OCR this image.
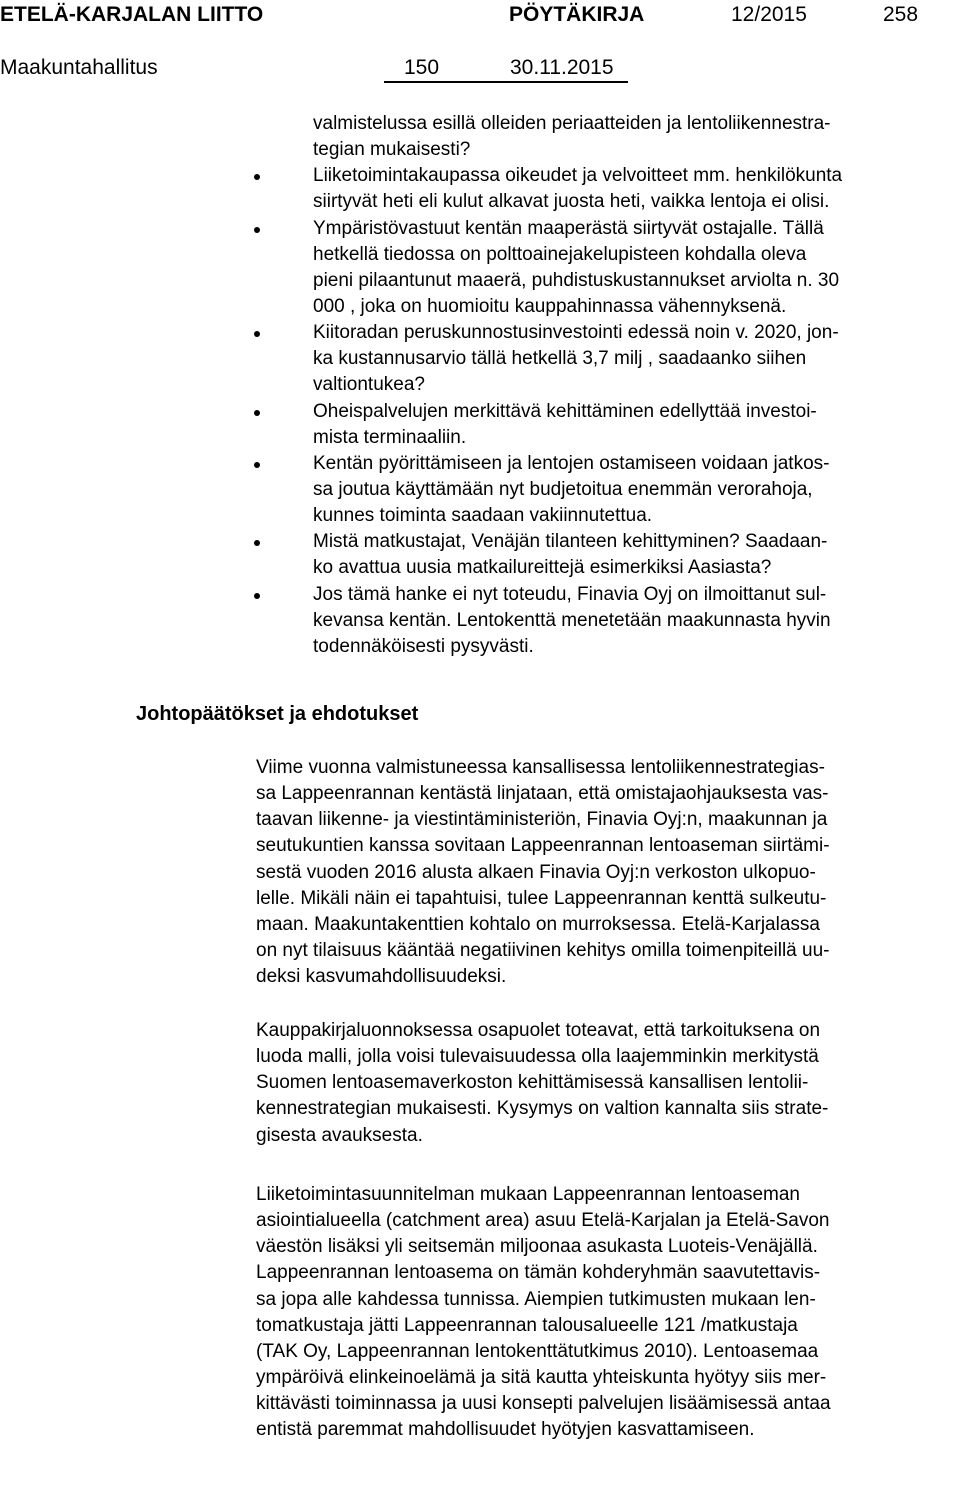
ETELÄ-KARJALAN LIITTO	PÖYTÄKIRJA	12/2015	258
Maakuntahallitus	150	30.11.2015
valmistelussa esillä olleiden periaatteiden ja lentoliikennestra-
tegian mukaisesti?
Liiketoimintakaupassa oikeudet ja velvoitteet mm. henkilökunta
siirtyvät heti eli kulut alkavat juosta heti, vaikka lentoja ei olisi.
Ympäristövastuut kentän maaperästä siirtyvät ostajalle. Tällä
hetkellä tiedossa on polttoainejakelupisteen kohdalla oleva
pieni pilaantunut maaerä, puhdistuskustannukset arviolta n. 30
000 , joka on huomioitu kauppahinnassa vähennyksenä.
Kiitoradan peruskunnostusinvestointi edessä noin v. 2020, jon-
ka kustannusarvio tällä hetkellä 3,7 milj , saadaanko siihen
valtiontukea?
Oheispalvelujen merkittävä kehittäminen edellyttää investoi-
mista terminaaliin.
Kentän pyörittämiseen ja lentojen ostamiseen voidaan jatkos-
sa joutua käyttämään nyt budjetoitua enemmän verorahoja,
kunnes toiminta saadaan vakiinnutettua.
Mistä matkustajat, Venäjän tilanteen kehittyminen? Saadaan-
ko avattua uusia matkailureittejä esimerkiksi Aasiasta?
Jos tämä hanke ei nyt toteudu, Finavia Oyj on ilmoittanut sul-
kevansa kentän. Lentokenttä menetetään maakunnasta hyvin
todennäköisesti pysyvästi.
Johtopäätökset ja ehdotukset
Viime vuonna valmistuneessa kansallisessa lentoliikennestrategias-
sa Lappeenrannan kentästä linjataan, että omistajaohjauksesta vas-
taavan liikenne- ja viestintäministeriön, Finavia Oyj:n, maakunnan ja
seutukuntien kanssa sovitaan Lappeenrannan lentoaseman siirtämi-
sestä vuoden 2016 alusta alkaen Finavia Oyj:n verkoston ulkopuo-
lelle. Mikäli näin ei tapahtuisi, tulee Lappeenrannan kenttä sulkeutu-
maan. Maakuntakenttien kohtalo on murroksessa. Etelä-Karjalassa
on nyt tilaisuus kääntää negatiivinen kehitys omilla toimenpiteillä uu-
deksi kasvumahdollisuudeksi.
Kauppakirjaluonnoksessa osapuolet toteavat, että tarkoituksena on
luoda malli, jolla voisi tulevaisuudessa olla laajemminkin merkitystä
Suomen lentoasemaverkoston kehittämisessä kansallisen lentolii-
kennestrategian mukaisesti. Kysymys on valtion kannalta siis strate-
gisesta avauksesta.
Liiketoimintasuunnitelman mukaan Lappeenrannan lentoaseman
asiointialueella (catchment area) asuu Etelä-Karjalan ja Etelä-Savon
väestön lisäksi yli seitsemän miljoonaa asukasta Luoteis-Venäjällä.
Lappeenrannan lentoasema on tämän kohderyhmän saavutettavis-
sa jopa alle kahdessa tunnissa. Aiempien tutkimusten mukaan len-
tomatkustaja jätti Lappeenrannan talousalueelle 121 /matkustaja
(TAK Oy, Lappeenrannan lentokenttätutkimus 2010). Lentoasemaa
ympäröivä elinkeinoelämä ja sitä kautta yhteiskunta hyötyy siis mer-
kittävästi toiminnassa ja uusi konsepti palvelujen lisäämisessä antaa
entistä paremmat mahdollisuudet hyötyjen kasvattamiseen.
